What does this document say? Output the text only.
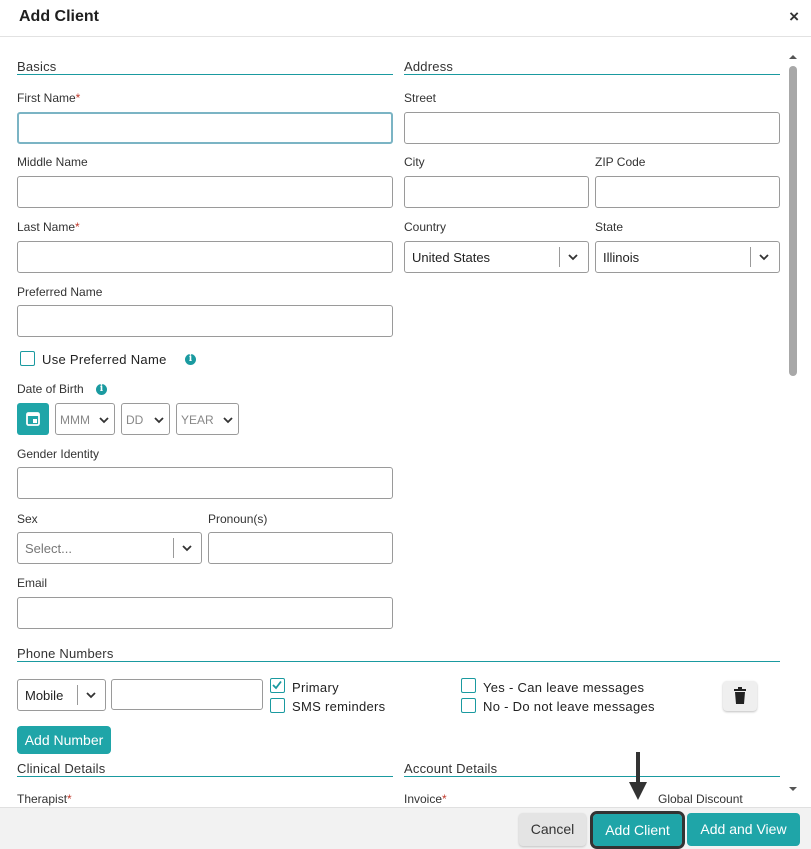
Add Client	×
Basics
First Name*
Middle Name
Last Name*
Preferred Name
Use Preferred Name	i
Date of Birth	i
MMM	DD	YEAR
Gender Identity
Sex
Select...
Pronoun(s)
Email
Address
Street
City	ZIP Code
Country
United States
State
Illinois
Phone Numbers
Mobile
Primary
SMS reminders
Yes - Can leave messages
No - Do not leave messages
Add Number
Clinical Details
Therapist*
Account Details
Invoice*	Global Discount
Cancel	Add Client	Add and View
